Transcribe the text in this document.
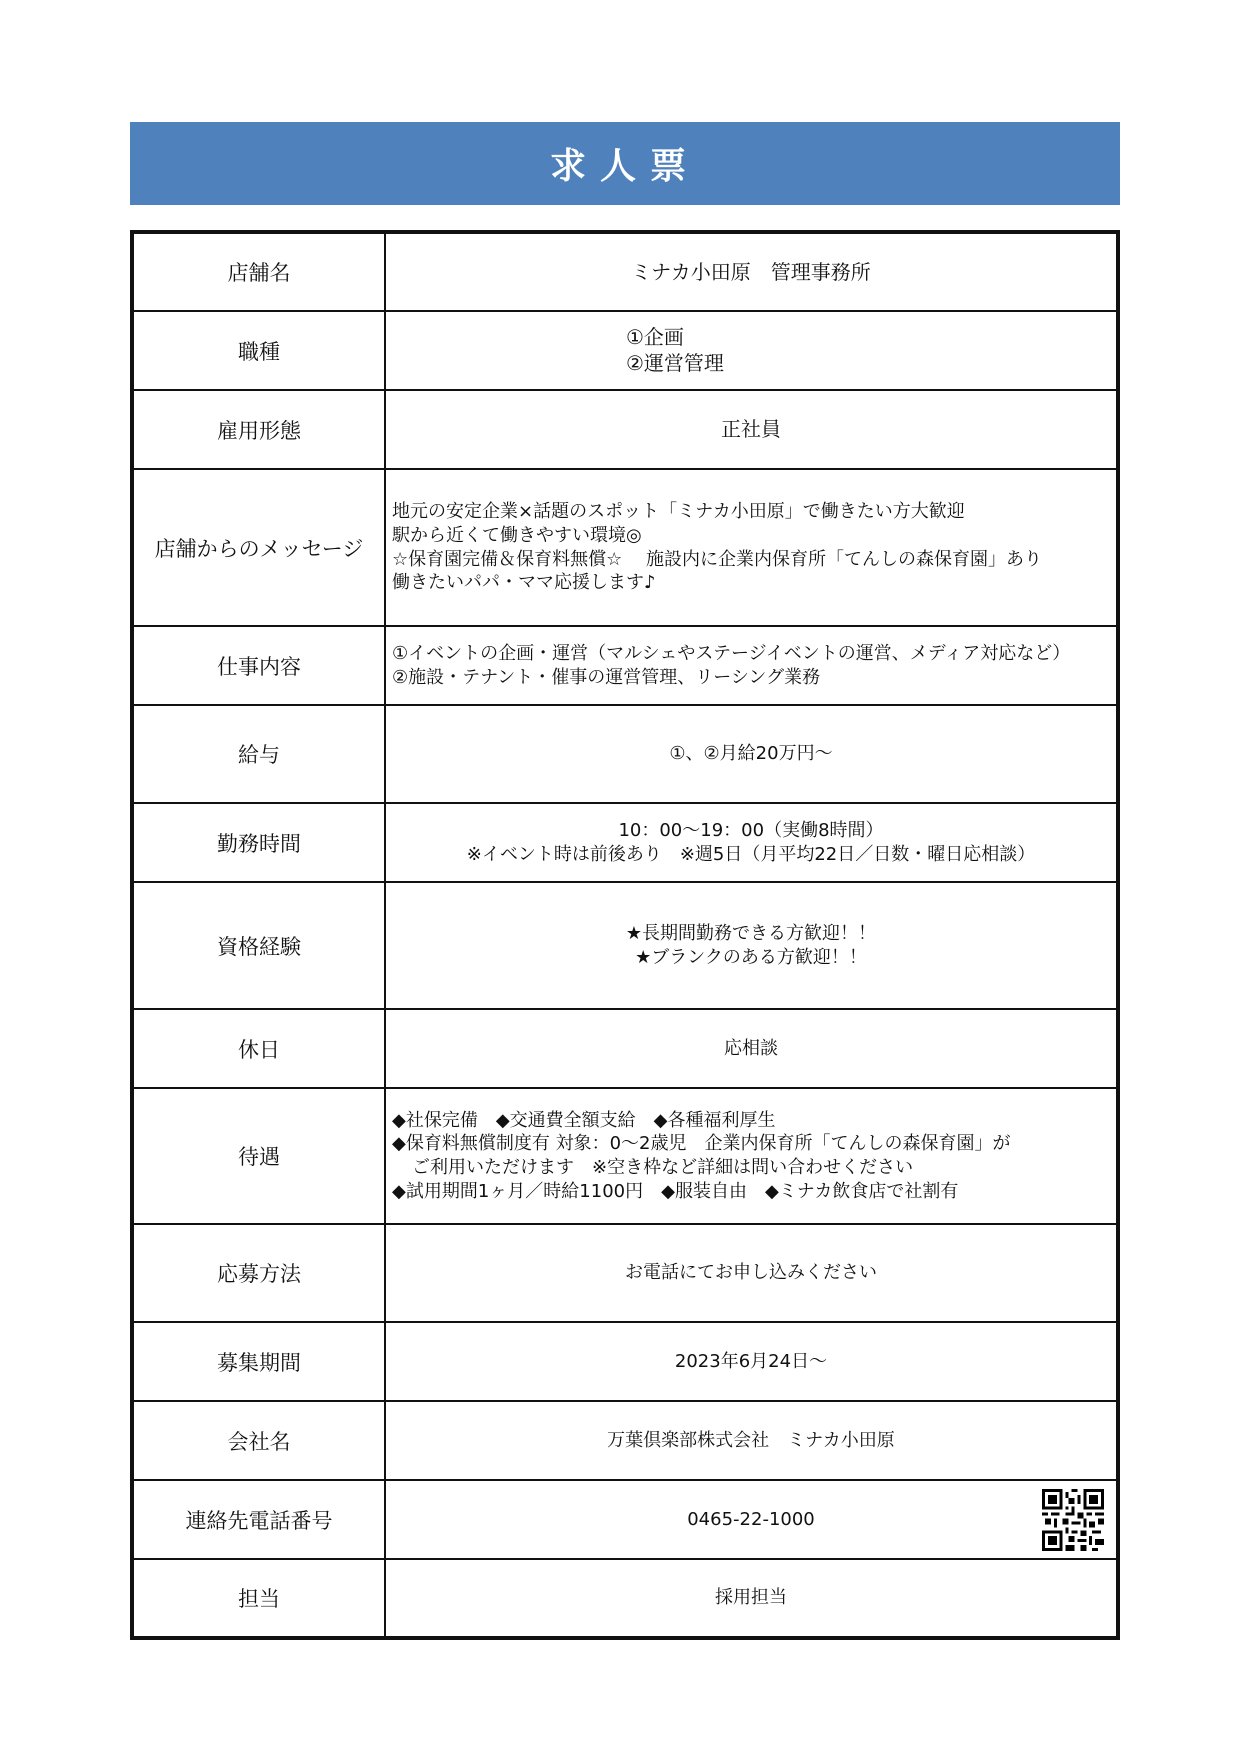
求人票
店舗名	ミナカ小田原　管理事務所
職種	①企画
②運営管理

雇用形態	正社員
店舗からのメッセージ	地元の安定企業×話題のスポット「ミナカ小田原」で働きたい方大歓迎
駅から近くて働きやすい環境◎
☆保育園完備＆保育料無償☆　 施設内に企業内保育所「てんしの森保育園」あり
働きたいパパ・ママ応援します♪

仕事内容	①イベントの企画・運営（マルシェやステージイベントの運営、メディア対応など）
②施設・テナント・催事の運営管理、リーシング業務

給与	①、②月給20万円～
勤務時間	10：00～19：00（実働8時間）
※イベント時は前後あり　※週5日（月平均22日／日数・曜日応相談）

資格経験	★長期間勤務できる方歓迎！！
★ブランクのある方歓迎！！

休日	応相談
待遇	◆社保完備　◆交通費全額支給　◆各種福利厚生
◆保育料無償制度有 対象：0～2歳児　企業内保育所「てんしの森保育園」が
ご利用いただけます　※空き枠など詳細は問い合わせください
◆試用期間1ヶ月／時給1100円　◆服装自由　◆ミナカ飲食店で社割有

応募方法	お電話にてお申し込みください
募集期間	2023年6月24日～
会社名	万葉倶楽部株式会社　ミナカ小田原
連絡先電話番号	0465-22-1000

担当	採用担当
